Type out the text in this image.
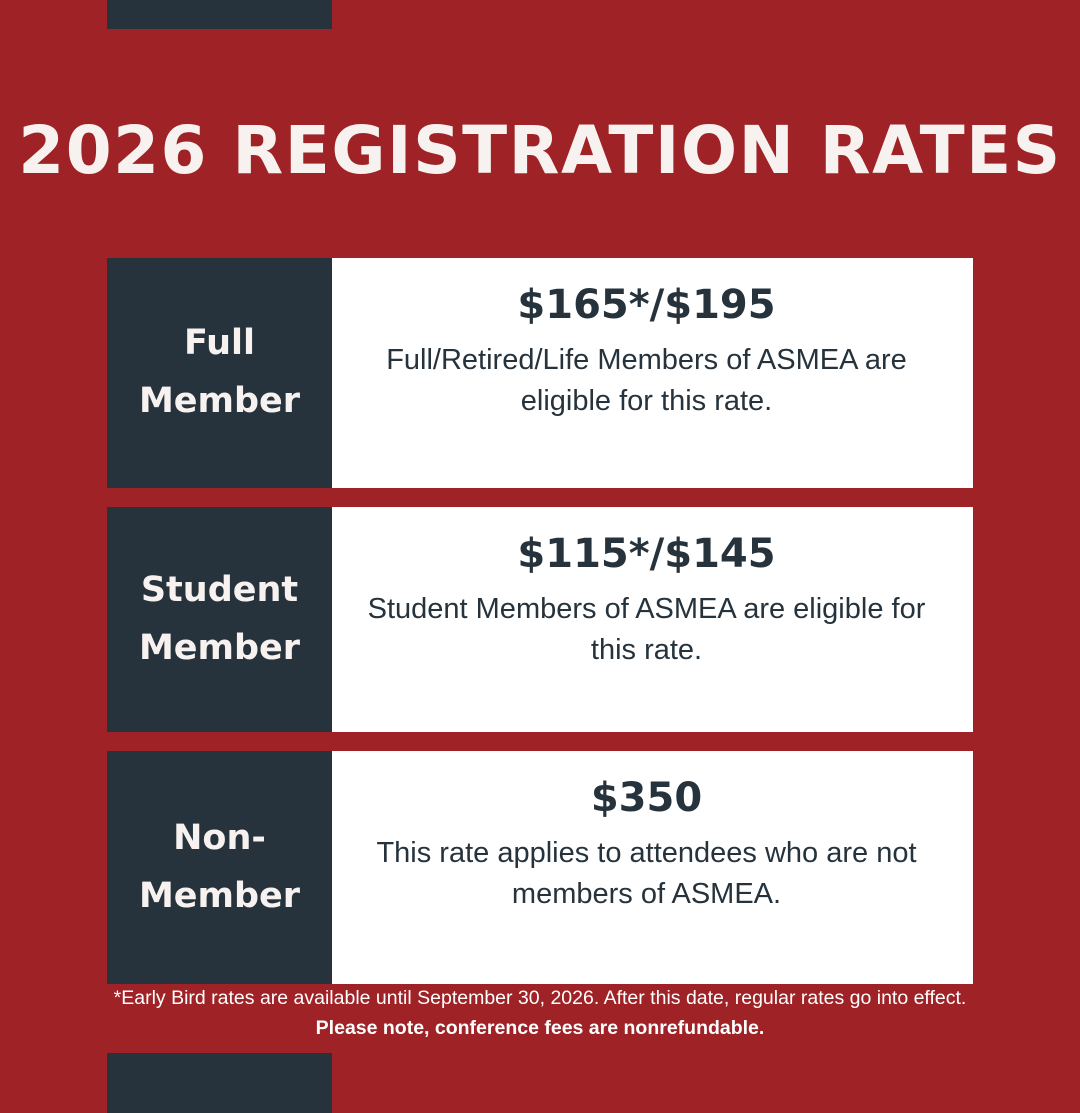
2026 REGISTRATION RATES
Full
Member
$165*/$195
Full/Retired/Life Members of ASMEA are eligible for this rate.
Student
Member
$115*/$145
Student Members of ASMEA are eligible for this rate.
Non-
Member
$350
This rate applies to attendees who are not members of ASMEA.
*Early Bird rates are available until September 30, 2026. After this date, regular rates go into effect.
Please note, conference fees are nonrefundable.
